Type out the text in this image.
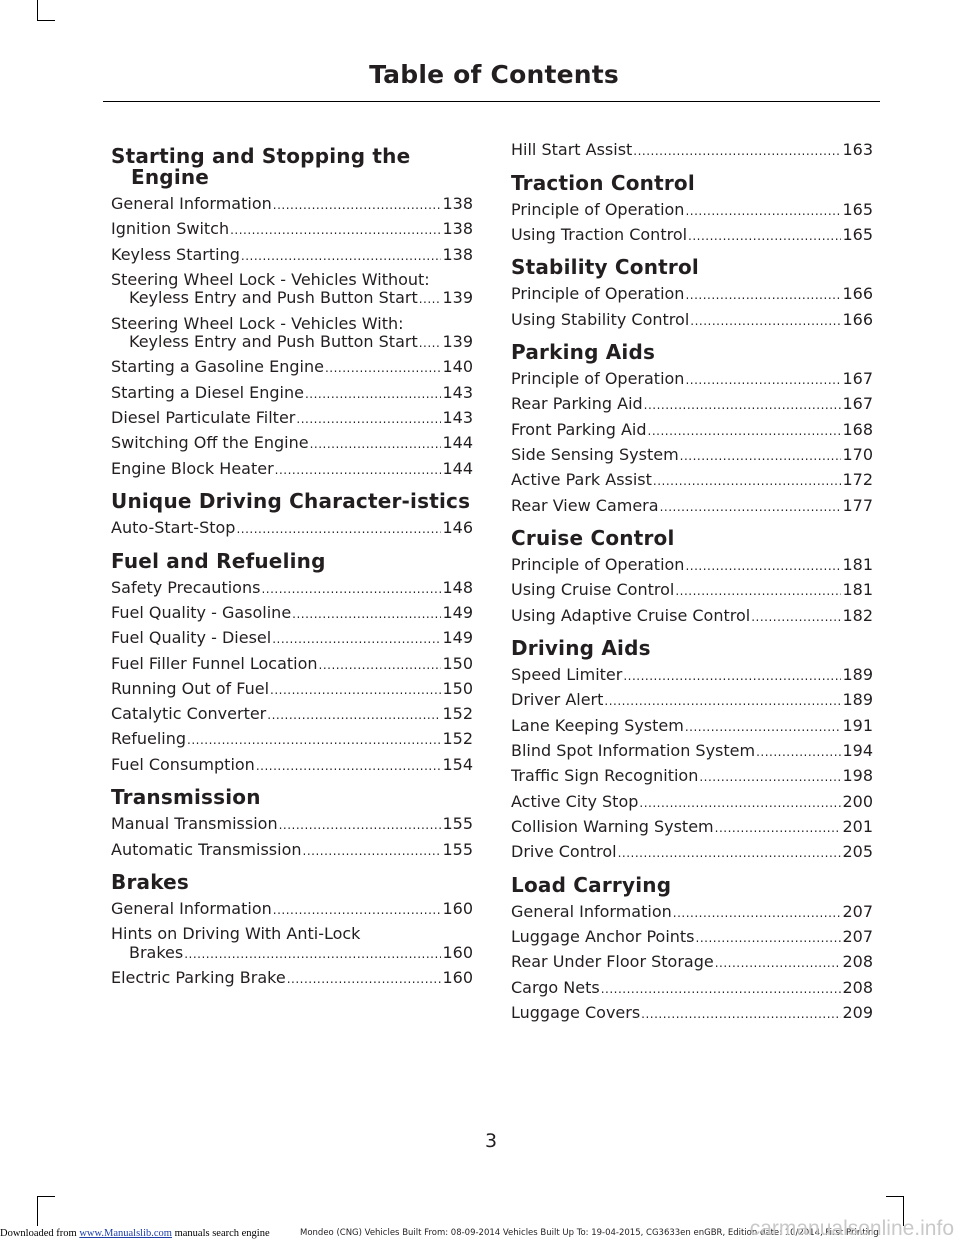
Table of Contents
Starting and Stopping the Engine
General Information .....	138
Ignition Switch .....	138
Keyless Starting .....	138
Steering Wheel Lock - Vehicles Without:
Keyless Entry and Push Button Start ..... 139
Steering Wheel Lock - Vehicles With:
Keyless Entry and Push Button Start ..... 139
Starting a Gasoline Engine .....	140
Starting a Diesel Engine .....	143
Diesel Particulate Filter .....	143
Switching Off the Engine .....	144
Engine Block Heater .....	144
Unique Driving Character-istics
Auto-Start-Stop .....	146
Fuel and Refueling
Safety Precautions .....	148
Fuel Quality - Gasoline .....	149
Fuel Quality - Diesel .....	149
Fuel Filler Funnel Location .....	150
Running Out of Fuel .....	150
Catalytic Converter .....	152
Refueling .....	152
Fuel Consumption .....	154
Transmission
Manual Transmission .....	155
Automatic Transmission .....	155
Brakes
General Information .....	160
Hints on Driving With Anti-Lock
Brakes .....	160
Electric Parking Brake .....	160
Hill Start Assist .....	163
Traction Control
Principle of Operation .....	165
Using Traction Control .....	165
Stability Control
Principle of Operation .....	166
Using Stability Control .....	166
Parking Aids
Principle of Operation .....	167
Rear Parking Aid .....	167
Front Parking Aid .....	168
Side Sensing System .....	170
Active Park Assist .....	172
Rear View Camera .....	177
Cruise Control
Principle of Operation .....	181
Using Cruise Control .....	181
Using Adaptive Cruise Control .....	182
Driving Aids
Speed Limiter .....	189
Driver Alert .....	189
Lane Keeping System .....	191
Blind Spot Information System .....	194
Traffic Sign Recognition .....	198
Active City Stop .....	200
Collision Warning System .....	201
Drive Control .....	205
Load Carrying
General Information .....	207
Luggage Anchor Points .....	207
Rear Under Floor Storage .....	208
Cargo Nets .....	208
Luggage Covers .....	209
3
Downloaded from www.Manualslib.com manuals search engine	Mondeo (CNG) Vehicles Built From: 08-09-2014 Vehicles Built Up To: 19-04-2015, CG3633en enGBR, Edition date: 10/2014, First Printing
carmanualsonline.info
